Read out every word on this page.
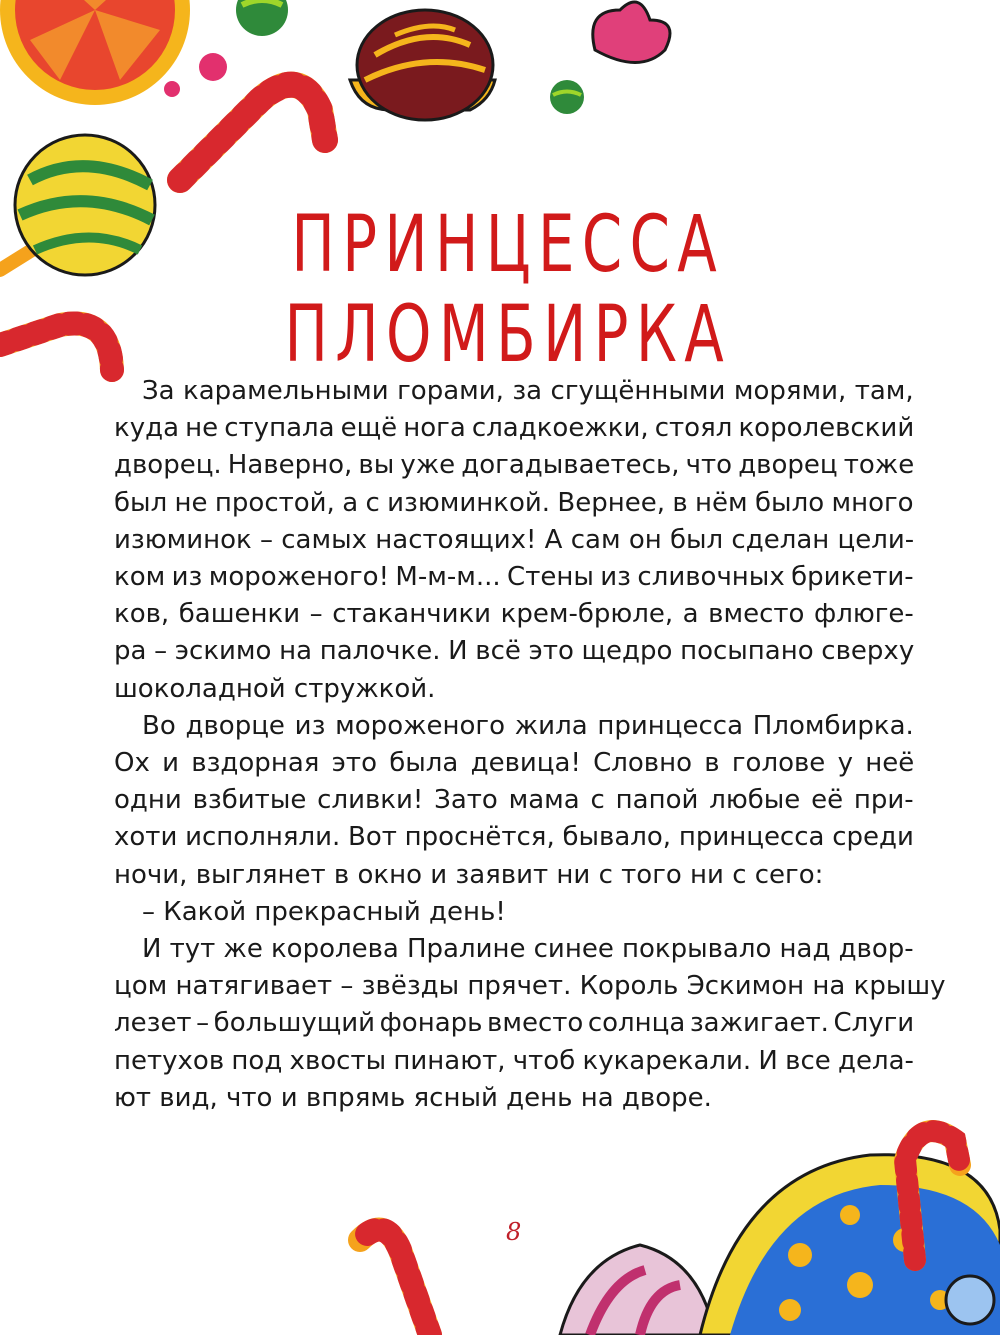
ПРИНЦЕССА ПЛОМБИРКА
За карамельными горами, за сгущёнными морями, там,
куда не ступала ещё нога сладкоежки, стоял королевский
дворец. Наверно, вы уже догадываетесь, что дворец тоже
был не простой, а с изюминкой. Вернее, в нём было много
изюминок – самых настоящих! А сам он был сделан цели-
ком из мороженого! М-м-м... Стены из сливочных брикети-
ков, башенки – стаканчики крем-брюле, а вместо флюге-
ра – эскимо на палочке. И всё это щедро посыпано сверху
шоколадной стружкой.
Во дворце из мороженого жила принцесса Пломбирка.
Ох и вздорная это была девица! Словно в голове у неё
одни взбитые сливки! Зато мама с папой любые её при-
хоти исполняли. Вот проснётся, бывало, принцесса среди
ночи, выглянет в окно и заявит ни с того ни с сего:
– Какой прекрасный день!
И тут же королева Пралине синее покрывало над двор-
цом натягивает – звёзды прячет. Король Эскимон на крышу
лезет – большущий фонарь вместо солнца зажигает. Слуги
петухов под хвосты пинают, чтоб кукарекали. И все дела-
ют вид, что и впрямь ясный день на дворе.
8
